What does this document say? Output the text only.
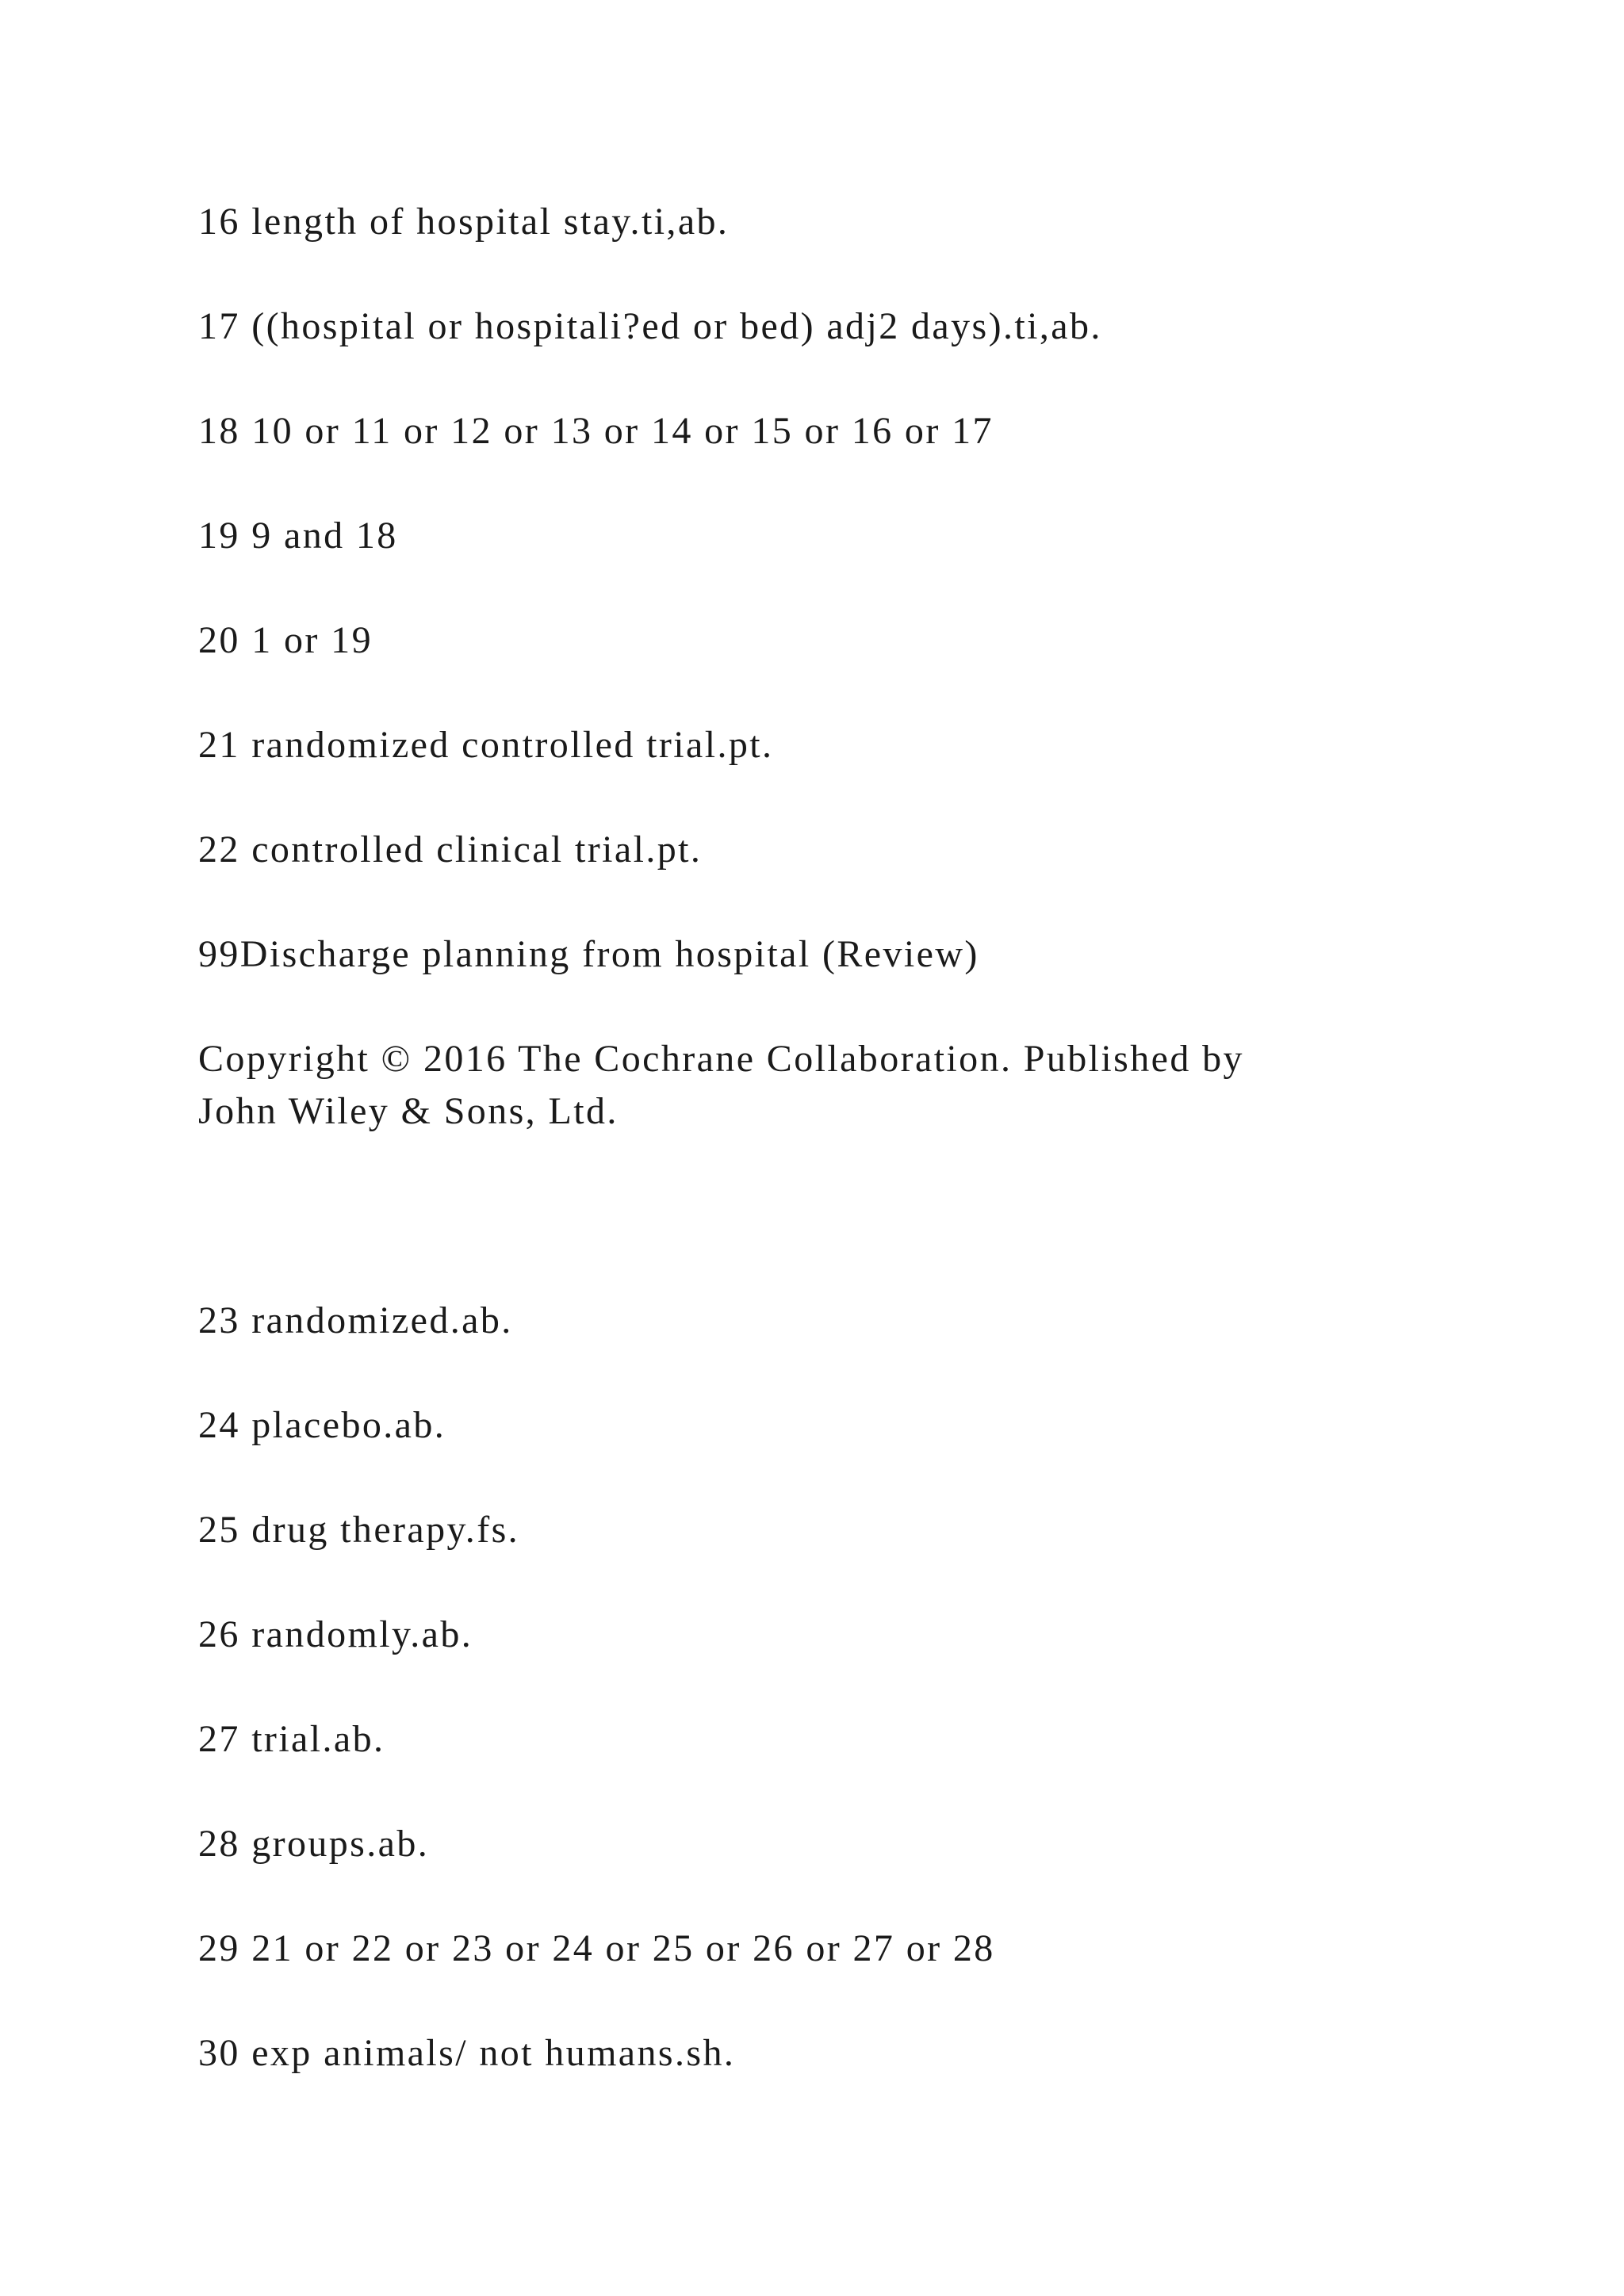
16 length of hospital stay.ti,ab.

17 ((hospital or hospitali?ed or bed) adj2 days).ti,ab.

18 10 or 11 or 12 or 13 or 14 or 15 or 16 or 17

19 9 and 18

20 1 or 19

21 randomized controlled trial.pt.

22 controlled clinical trial.pt.

99Discharge planning from hospital (Review)

Copyright © 2016 The Cochrane Collaboration. Published by

John Wiley & Sons, Ltd.

23 randomized.ab.

24 placebo.ab.

25 drug therapy.fs.

26 randomly.ab.

27 trial.ab.

28 groups.ab.

29 21 or 22 or 23 or 24 or 25 or 26 or 27 or 28

30 exp animals/ not humans.sh.
